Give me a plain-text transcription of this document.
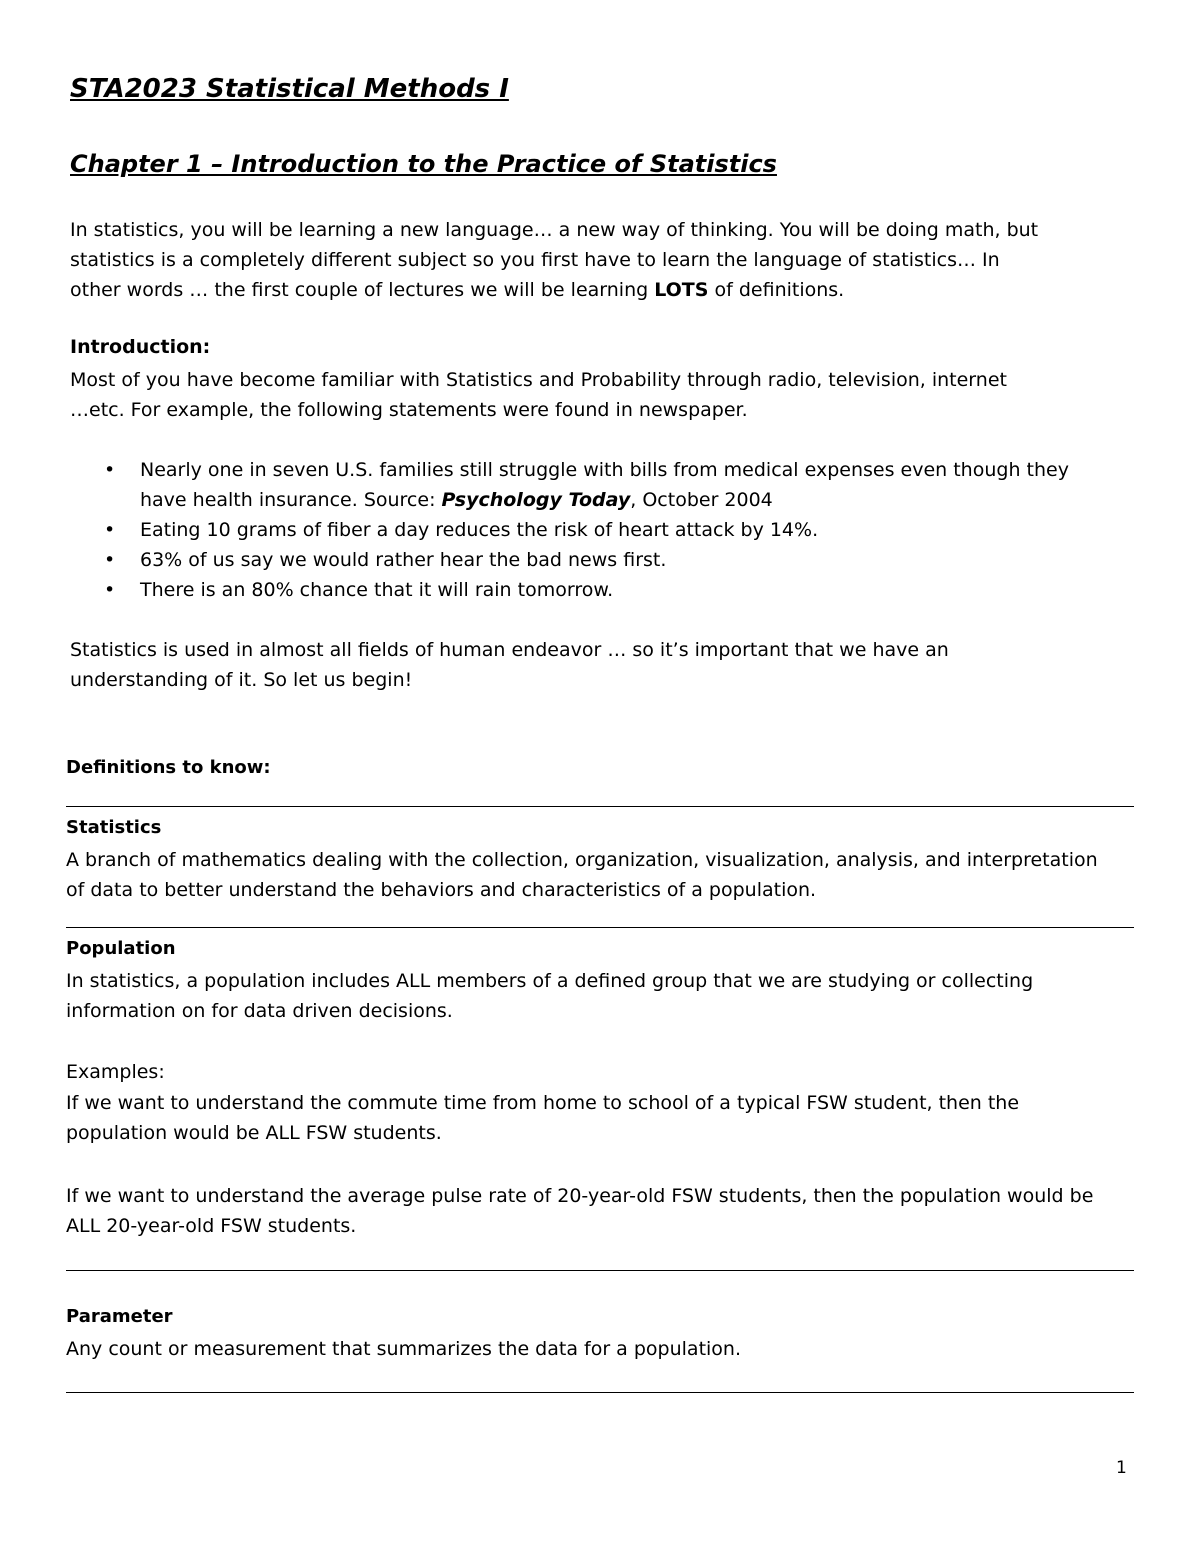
STA2023 Statistical Methods I
Chapter 1 – Introduction to the Practice of Statistics
In statistics, you will be learning a new language… a new way of thinking. You will be doing math, but
statistics is a completely different subject so you first have to learn the language of statistics… In
other words … the first couple of lectures we will be learning LOTS of definitions.
Introduction:
Most of you have become familiar with Statistics and Probability through radio, television, internet
…etc. For example, the following statements were found in newspaper.
• Nearly one in seven U.S. families still struggle with bills from medical expenses even though they
have health insurance. Source: Psychology Today, October 2004
• Eating 10 grams of fiber a day reduces the risk of heart attack by 14%.
• 63% of us say we would rather hear the bad news first.
• There is an 80% chance that it will rain tomorrow.
Statistics is used in almost all fields of human endeavor … so it’s important that we have an
understanding of it. So let us begin!
Definitions to know:
Statistics
A branch of mathematics dealing with the collection, organization, visualization, analysis, and interpretation
of data to better understand the behaviors and characteristics of a population.
Population
In statistics, a population includes ALL members of a defined group that we are studying or collecting
information on for data driven decisions.
Examples:
If we want to understand the commute time from home to school of a typical FSW student, then the
population would be ALL FSW students.
If we want to understand the average pulse rate of 20-year-old FSW students, then the population would be
ALL 20-year-old FSW students.
Parameter
Any count or measurement that summarizes the data for a population.
1
